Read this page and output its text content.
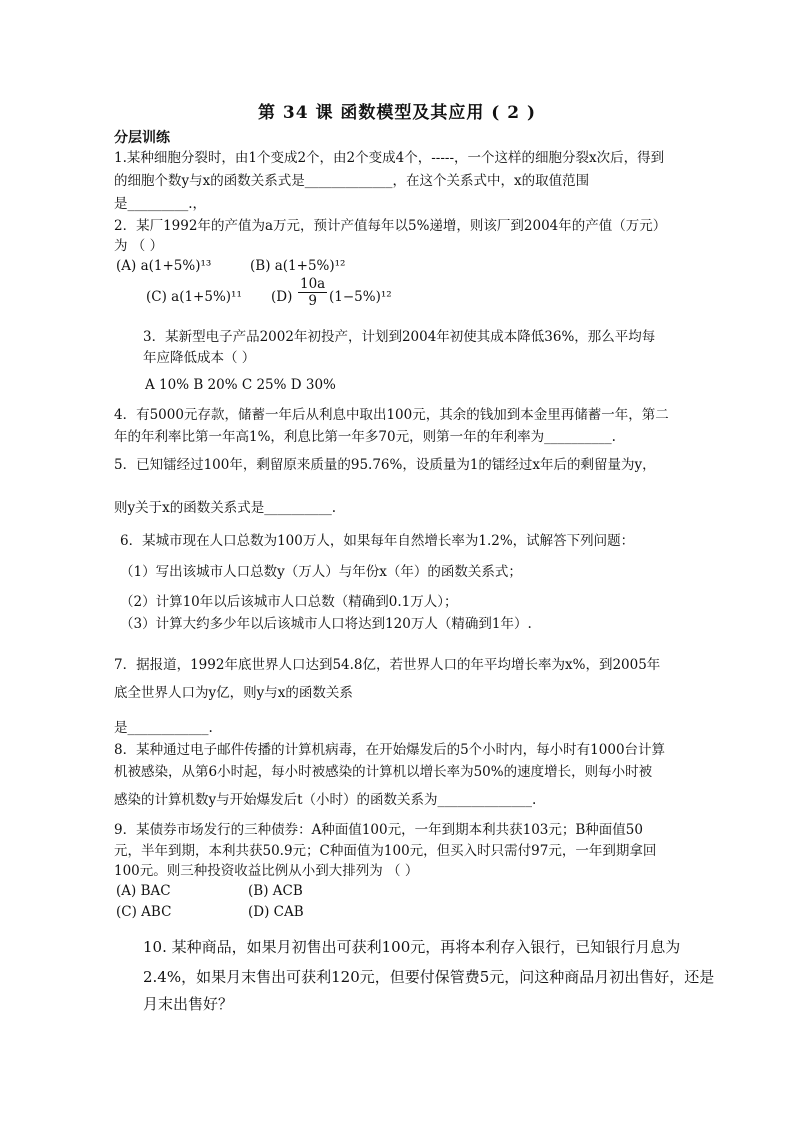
第 34 课 函数模型及其应用 ( 2 )
分层训练
1.某种细胞分裂时，由1个变成2个，由2个变成4个，-----，一个这样的细胞分裂x次后，得到
的细胞个数y与x的函数关系式是_____________，在这个关系式中，x的取值范围
是_________.，
2．某厂1992年的产值为a万元，预计产值每年以5%递增，则该厂到2004年的产值（万元）
为 （ ）
(A) a(1+5%)¹³	(B) a(1+5%)¹²
(C) a(1+5%)¹¹ $(D) \frac{10a}{9} (1-5\%)^{12}$
3．某新型电子产品2002年初投产，计划到2004年初使其成本降低36%，那么平均每
年应降低成本（ ）
A 10% B 20% C 25% D 30%
4．有5000元存款，储蓄一年后从利息中取出100元，其余的钱加到本金里再储蓄一年，第二
年的年利率比第一年高1%，利息比第一年多70元，则第一年的年利率为__________.
5．已知镭经过100年，剩留原来质量的95.76%，设质量为1的镭经过x年后的剩留量为y，
则y关于x的函数关系式是__________.
6．某城市现在人口总数为100万人，如果每年自然增长率为1.2%，试解答下列问题：
（1）写出该城市人口总数y（万人）与年份x（年）的函数关系式；
（2）计算10年以后该城市人口总数（精确到0.1万人）；
（3）计算大约多少年以后该城市人口将达到120万人（精确到1年）.
7．据报道，1992年底世界人口达到54.8亿，若世界人口的年平均增长率为x%，到2005年
底全世界人口为y亿，则y与x的函数关系
是____________.
8．某种通过电子邮件传播的计算机病毒，在开始爆发后的5个小时内，每小时有1000台计算
机被感染，从第6小时起，每小时被感染的计算机以增长率为50%的速度增长，则每小时被
感染的计算机数y与开始爆发后t（小时）的函数关系为______________.
9．某债券市场发行的三种债券：A种面值100元，一年到期本利共获103元；B种面值50
元，半年到期，本利共获50.9元；C种面值为100元，但买入时只需付97元，一年到期拿回
100元。则三种投资收益比例从小到大排列为 （ ）
(A) BAC	(B) ACB
(C) ABC	(D) CAB
10. 某种商品，如果月初售出可获利100元，再将本利存入银行，已知银行月息为
2.4%，如果月末售出可获利120元，但要付保管费5元，问这种商品月初出售好，还是
月末出售好？
